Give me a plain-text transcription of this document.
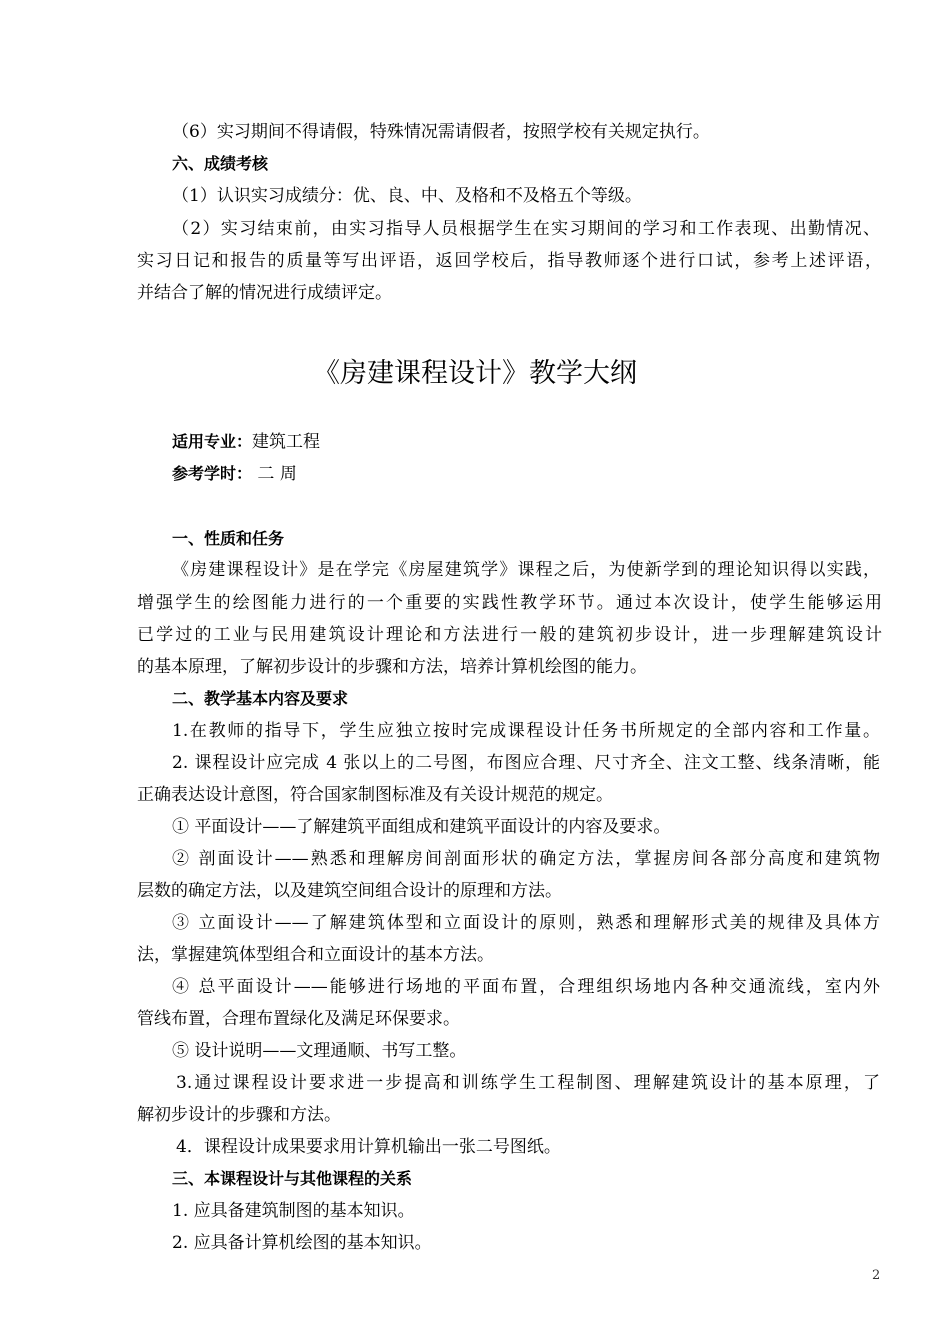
（6）实习期间不得请假，特殊情况需请假者，按照学校有关规定执行。
六、成绩考核
（1）认识实习成绩分：优、良、中、及格和不及格五个等级。
（2）实习结束前，由实习指导人员根据学生在实习期间的学习和工作表现、出勤情况、
实习日记和报告的质量等写出评语，返回学校后，指导教师逐个进行口试，参考上述评语，
并结合了解的情况进行成绩评定。
《房建课程设计》教学大纲
适用专业：建筑工程
参考学时： 二 周
一、性质和任务
《房建课程设计》是在学完《房屋建筑学》课程之后，为使新学到的理论知识得以实践，
增强学生的绘图能力进行的一个重要的实践性教学环节。通过本次设计，使学生能够运用
已学过的工业与民用建筑设计理论和方法进行一般的建筑初步设计，进一步理解建筑设计
的基本原理，了解初步设计的步骤和方法，培养计算机绘图的能力。
二、教学基本内容及要求
1.在教师的指导下，学生应独立按时完成课程设计任务书所规定的全部内容和工作量。
2. 课程设计应完成 4 张以上的二号图，布图应合理、尺寸齐全、注文工整、线条清晰，能
正确表达设计意图，符合国家制图标准及有关设计规范的规定。
① 平面设计——了解建筑平面组成和建筑平面设计的内容及要求。
② 剖面设计——熟悉和理解房间剖面形状的确定方法，掌握房间各部分高度和建筑物
层数的确定方法，以及建筑空间组合设计的原理和方法。
③ 立面设计——了解建筑体型和立面设计的原则，熟悉和理解形式美的规律及具体方
法，掌握建筑体型组合和立面设计的基本方法。
④ 总平面设计——能够进行场地的平面布置，合理组织场地内各种交通流线，室内外
管线布置，合理布置绿化及满足环保要求。
⑤ 设计说明——文理通顺、书写工整。
3.通过课程设计要求进一步提高和训练学生工程制图、理解建筑设计的基本原理，了
解初步设计的步骤和方法。
4．课程设计成果要求用计算机输出一张二号图纸。
三、本课程设计与其他课程的关系
1. 应具备建筑制图的基本知识。
2. 应具备计算机绘图的基本知识。
2
